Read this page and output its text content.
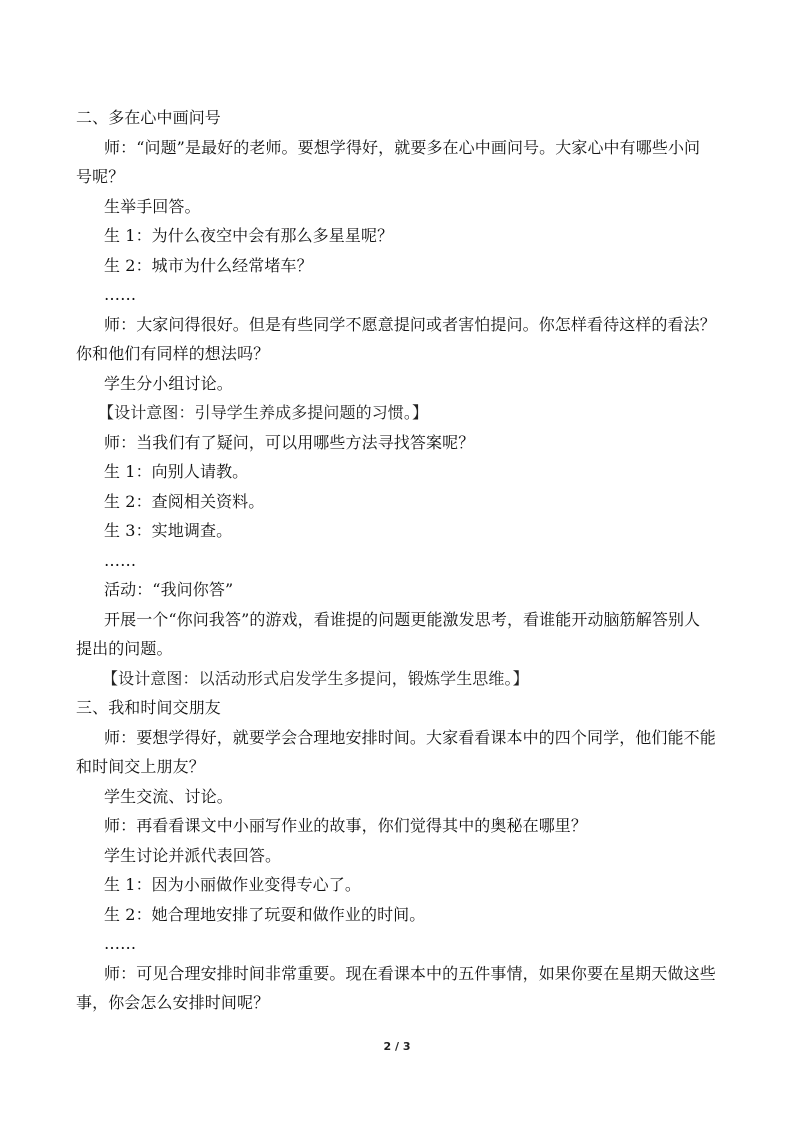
二、多在心中画问号
师：“问题”是最好的老师。要想学得好，就要多在心中画问号。大家心中有哪些小问
号呢？
生举手回答。
生 1：为什么夜空中会有那么多星星呢？
生 2：城市为什么经常堵车？
……
师：大家问得很好。但是有些同学不愿意提问或者害怕提问。你怎样看待这样的看法？
你和他们有同样的想法吗？
学生分小组讨论。
【设计意图：引导学生养成多提问题的习惯。】
师：当我们有了疑问，可以用哪些方法寻找答案呢？
生 1：向别人请教。
生 2：查阅相关资料。
生 3：实地调查。
……
活动：“我问你答”
开展一个“你问我答”的游戏，看谁提的问题更能激发思考，看谁能开动脑筋解答别人
提出的问题。
【设计意图：以活动形式启发学生多提问，锻炼学生思维。】
三、我和时间交朋友
师：要想学得好，就要学会合理地安排时间。大家看看课本中的四个同学，他们能不能
和时间交上朋友？
学生交流、讨论。
师：再看看课文中小丽写作业的故事，你们觉得其中的奥秘在哪里？
学生讨论并派代表回答。
生 1：因为小丽做作业变得专心了。
生 2：她合理地安排了玩耍和做作业的时间。
……
师：可见合理安排时间非常重要。现在看课本中的五件事情，如果你要在星期天做这些
事，你会怎么安排时间呢？
2 / 3
